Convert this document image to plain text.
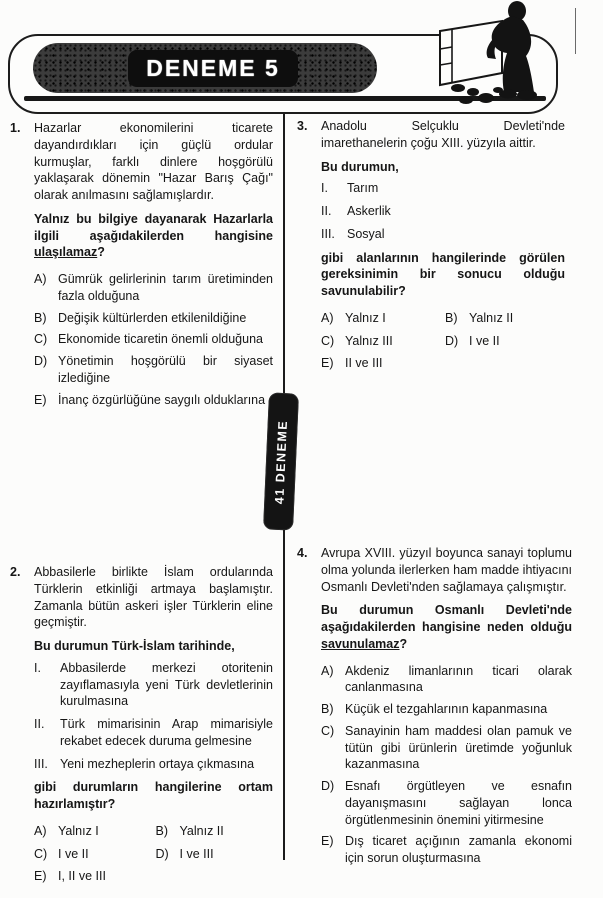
DENEME 5
41 DENEME
1.	Hazarlar ekonomilerini ticarete dayandırdıkları için güçlü ordular kurmuşlar, farklı dinlere hoşgörülü yaklaşarak dönemin "Hazar Barış Çağı" olarak anılmasını sağlamışlardır.

Yalnız bu bilgiye dayanarak Hazarlarla ilgili aşağıdakilerden hangisine ulaşılamaz?

A) Gümrük gelirlerinin tarım üretiminden fazla olduğuna
B) Değişik kültürlerden etkilenildiğine
C) Ekonomide ticaretin önemli olduğuna
D) Yönetimin hoşgörülü bir siyaset izlediğine
E) İnanç özgürlüğüne saygılı olduklarına
2.	Abbasilerle birlikte İslam ordularında Türklerin etkinliği artmaya başlamıştır. Zamanla bütün askeri işler Türklerin eline geçmiştir.

Bu durumun Türk-İslam tarihinde,

I.	Abbasilerde merkezi otoritenin zayıflamasıyla yeni Türk devletlerinin kurulmasına
II.	Türk mimarisinin Arap mimarisiyle rekabet edecek duruma gelmesine
III. Yeni mezheplerin ortaya çıkmasına

gibi durumların hangilerine ortam hazırlamıştır?

A) Yalnız I	B) Yalnız II
C) I ve II	D) I ve III
E) I, II ve III
3.	Anadolu Selçuklu Devleti'nde imarethanelerin çoğu XIII. yüzyıla aittir.

Bu durumun,

I.	Tarım
II.	Askerlik
III. Sosyal

gibi alanlarının hangilerinde görülen gereksinimin bir sonucu olduğu savunulabilir?

A) Yalnız I	B) Yalnız II
C) Yalnız III	D) I ve II
E) II ve III
4.	Avrupa XVIII. yüzyıl boyunca sanayi toplumu olma yolunda ilerlerken ham madde ihtiyacını Osmanlı Devleti'nden sağlamaya çalışmıştır.

Bu durumun Osmanlı Devleti'nde aşağıdakilerden hangisine neden olduğu savunulamaz?

A) Akdeniz limanlarının ticari olarak canlanmasına
B) Küçük el tezgahlarının kapanmasına
C) Sanayinin ham maddesi olan pamuk ve tütün gibi ürünlerin üretimde yoğunluk kazanmasına
D) Esnafı örgütleyen ve esnafın dayanışmasını sağlayan lonca örgütlenmesinin önemini yitirmesine
E) Dış ticaret açığının zamanla ekonomi için sorun oluşturmasına
